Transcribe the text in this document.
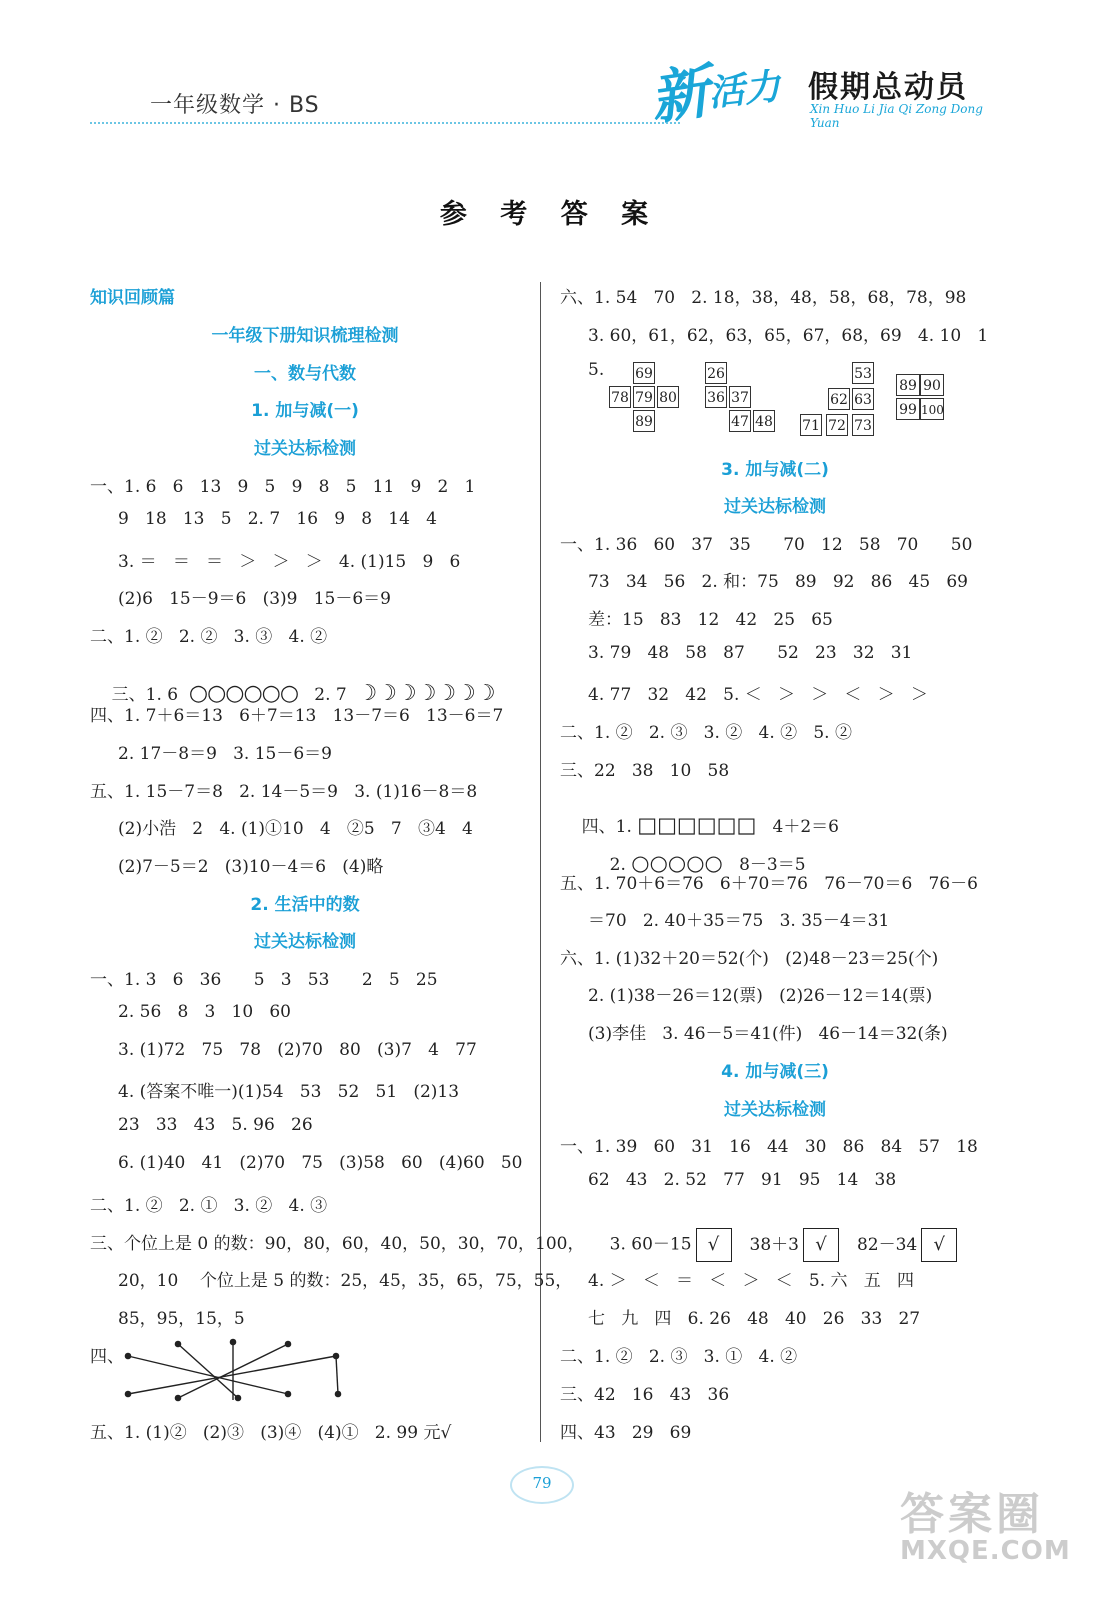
一年级数学 · BS	新
活力 假期总动员
Xin Huo Li Jia Qi Zong Dong Yuan
参 考 答 案
知识回顾篇
一年级下册知识梳理检测
一、数与代数
1. 加与减(一)
过关达标检测
一、1. 6   6   13   9   5   9   8   5   11   9   2   1
9   18   13   5   2. 7   16   9   8   14   4
3. ＝   ＝   ＝   ＞   ＞   ＞   4. (1)15   9   6
(2)6   15－9＝6   (3)9   15－6＝9
二、1. ②   2. ②   3. ③   4. ②

三、1. 6  ○○○○○○   2. 7  ☽☽☽☽☽☽☽

四、1. 7＋6＝13   6＋7＝13   13－7＝6   13－6＝7
2. 17－8＝9   3. 15－6＝9
五、1. 15－7＝8   2. 14－5＝9   3. (1)16－8＝8
(2)小浩   2   4. (1)①10   4   ②5   7   ③4   4
(2)7－5＝2   (3)10－4＝6   (4)略
2. 生活中的数
过关达标检测
一、1. 3   6   36      5   3   53      2   5   25
2. 56   8   3   10   60
3. (1)72   75   78   (2)70   80   (3)7   4   77
4. (答案不唯一)(1)54   53   52   51   (2)13
23   33   43   5. 96   26
6. (1)40   41   (2)70   75   (3)58   60   (4)60   50
二、1. ②   2. ①   3. ②   4. ③
三、个位上是 0 的数：90，80，60，40，50，30，70，100，
20，10    个位上是 5 的数：25，45，35，65，75，55，
85，95，15，5
四、
五、1. (1)②   (2)③   (3)④   (4)①   2. 99 元√
六、1. 54   70   2. 18，38，48，58，68，78，98
3. 60，61，62，63，65，67，68，69   4. 10   1
5. 69
78 79 80
89
26
36 37
47 48
53
62 63
71 72 73
89 90
99 100
3. 加与减(二)
过关达标检测
一、1. 36   60   37   35      70   12   58   70      50
73   34   56   2. 和：75   89   92   86   45   69
差：15   83   12   42   25   65
3. 79   48   58   87      52   23   32   31
4. 77   32   42   5. ＜   ＞   ＞   ＜   ＞   ＞
二、1. ②   2. ③   3. ②   4. ②   5. ②
三、22   38   10   58

四、1. □□□□□□   4＋2＝6

2. ○○○○○   8－3＝5

五、1. 70＋6＝76   6＋70＝76   76－70＝6   76－6
＝70   2. 40＋35＝75   3. 35－4＝31
六、1. (1)32＋20＝52(个)   (2)48－23＝25(个)
2. (1)38－26＝12(票)   (2)26－12＝14(票)
(3)李佳   3. 46－5＝41(件)   46－14＝32(条)
4. 加与减(三)
过关达标检测
一、1. 39   60   31   16   44   30   86   84   57   18
62   43   2. 52   77   91   95   14   38

3. 60－15 √ 38＋3 √ 82－34 √

4. ＞   ＜   ＝   ＜   ＞   ＜   5. 六   五   四
七   九   四   6. 26   48   40   26   33   27
二、1. ②   2. ③   3. ①   4. ②
三、42   16   43   36
四、43   29   69
79
答案圈
MXQE.COM
